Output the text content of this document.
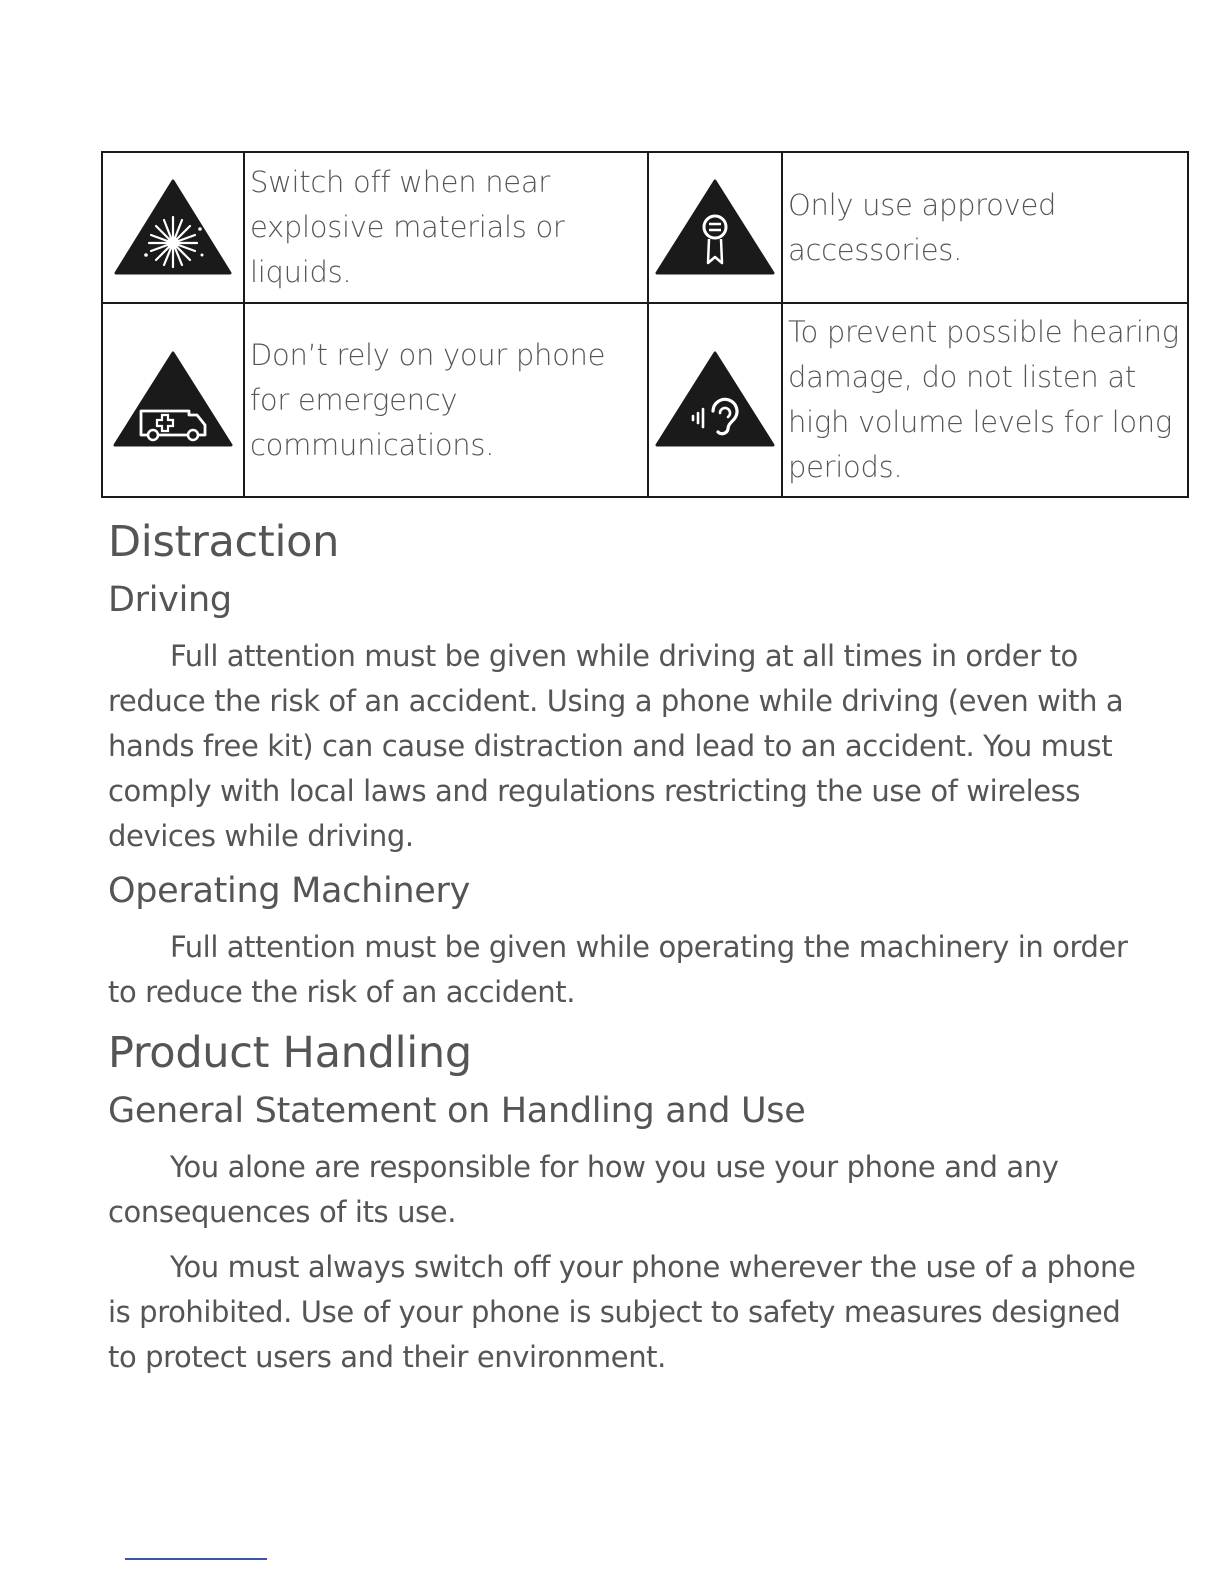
Switch off when near explosive materials or liquids.		Only use approved accessories.

Don’t rely on your phone for emergency communications.		To prevent possible hearing damage, do not listen at high volume levels for long periods.

Distraction
Driving

Full attention must be given while driving at all times in order to reduce the risk of an accident. Using a phone while driving (even with a hands free kit) can cause distraction and lead to an accident. You must comply with local laws and regulations restricting the use of wireless devices while driving.

Operating Machinery

Full attention must be given while operating the machinery in order to reduce the risk of an accident.

Product Handling
General Statement on Handling and Use

You alone are responsible for how you use your phone and any consequences of its use.

You must always switch off your phone wherever the use of a phone is prohibited. Use of your phone is subject to safety measures designed to protect users and their environment.
